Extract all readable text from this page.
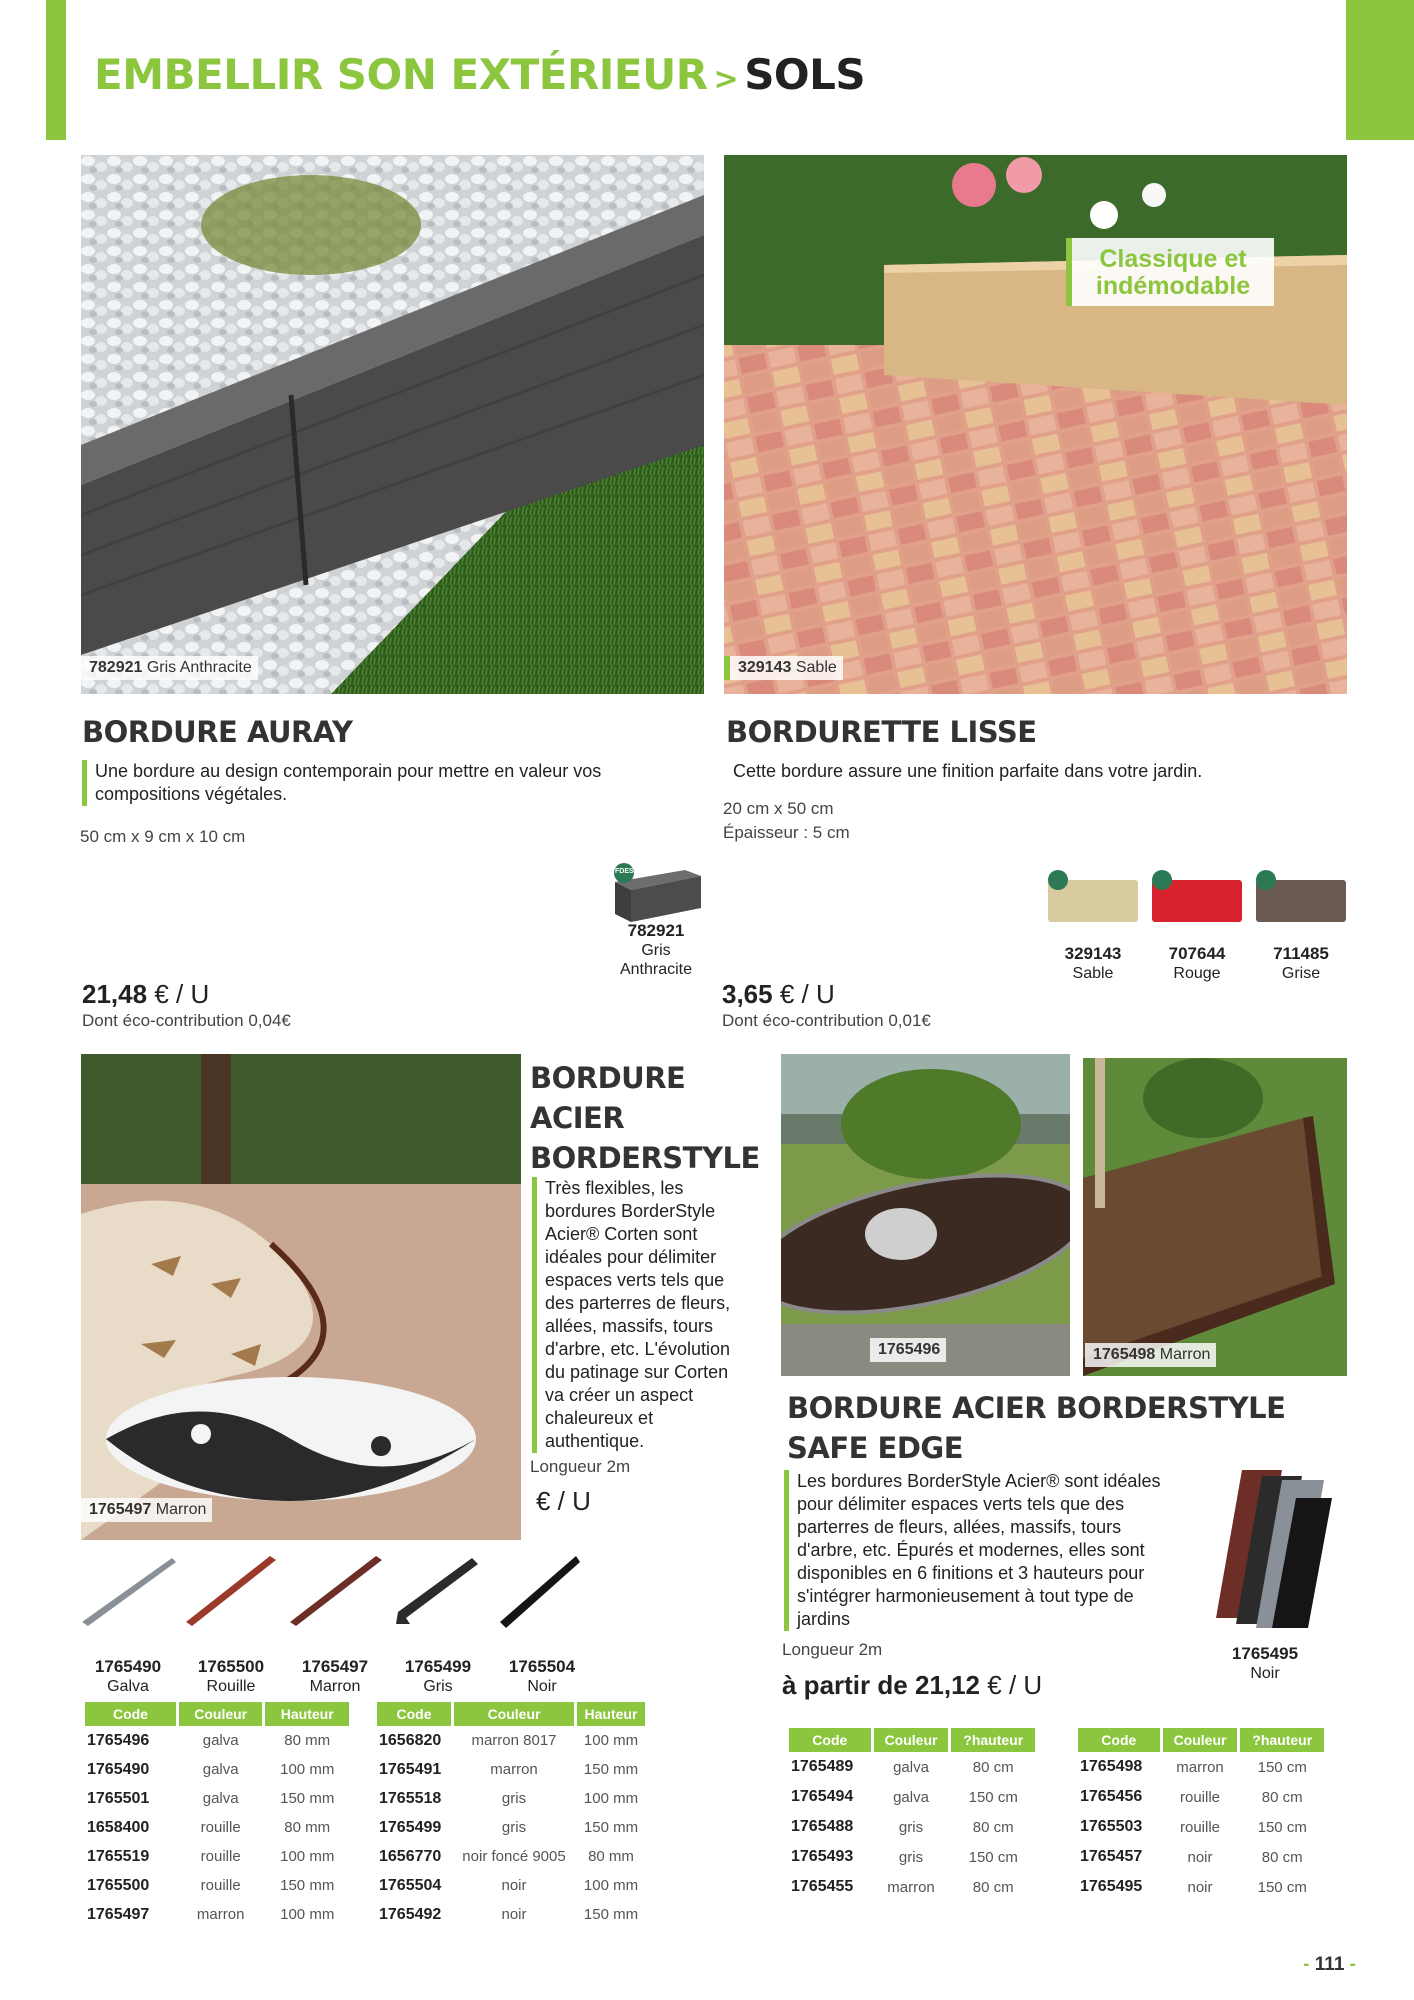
EMBELLIR SON EXTÉRIEUR > SOLS
782921 Gris Anthracite
Classique et indémodable
329143 Sable
BORDURE AURAY
Une bordure au design contemporain pour mettre en valeur vos compositions végétales.
50 cm x 9 cm x 10 cm
FDES
782921
Gris Anthracite
21,48 € / U
Dont éco-contribution 0,04€
BORDURETTE LISSE
Cette bordure assure une finition parfaite dans votre jardin.
20 cm x 50 cm
Épaisseur : 5 cm
329143
Sable
707644
Rouge
711485
Grise
3,65 € / U
Dont éco-contribution 0,01€
1765497 Marron
BORDURE
ACIER
BORDERSTYLE
Très flexibles, les bordures BorderStyle Acier® Corten sont idéales pour délimiter espaces verts tels que des parterres de fleurs, allées, massifs, tours d'arbre, etc. L'évolution du patinage sur Corten va créer un aspect chaleureux et authentique.
Longueur 2m
€ / U
1765490
Galva
1765500
Rouille
1765497
Marron
1765499
Gris
1765504
Noir
Code	Couleur	Hauteur
1765496	galva	80 mm
1765490	galva	100 mm
1765501	galva	150 mm
1658400	rouille	80 mm
1765519	rouille	100 mm
1765500	rouille	150 mm
1765497	marron	100 mm
Code	Couleur	Hauteur
1656820	marron 8017	100 mm
1765491	marron	150 mm
1765518	gris	100 mm
1765499	gris	150 mm
1656770	noir foncé 9005	80 mm
1765504	noir	100 mm
1765492	noir	150 mm
1765496	1765498 Marron
BORDURE ACIER BORDERSTYLE
SAFE EDGE
Les bordures BorderStyle Acier® sont idéales pour délimiter espaces verts tels que des parterres de fleurs, allées, massifs, tours d'arbre, etc. Épurés et modernes, elles sont disponibles en 6 finitions et 3 hauteurs pour s'intégrer harmonieusement à tout type de jardins
Longueur 2m
à partir de 21,12 € / U
1765495
Noir
Code	Couleur	?hauteur
1765489	galva	80 cm
1765494	galva	150 cm
1765488	gris	80 cm
1765493	gris	150 cm
1765455	marron	80 cm
Code	Couleur	?hauteur
1765498	marron	150 cm
1765456	rouille	80 cm
1765503	rouille	150 cm
1765457	noir	80 cm
1765495	noir	150 cm
- 111 -
